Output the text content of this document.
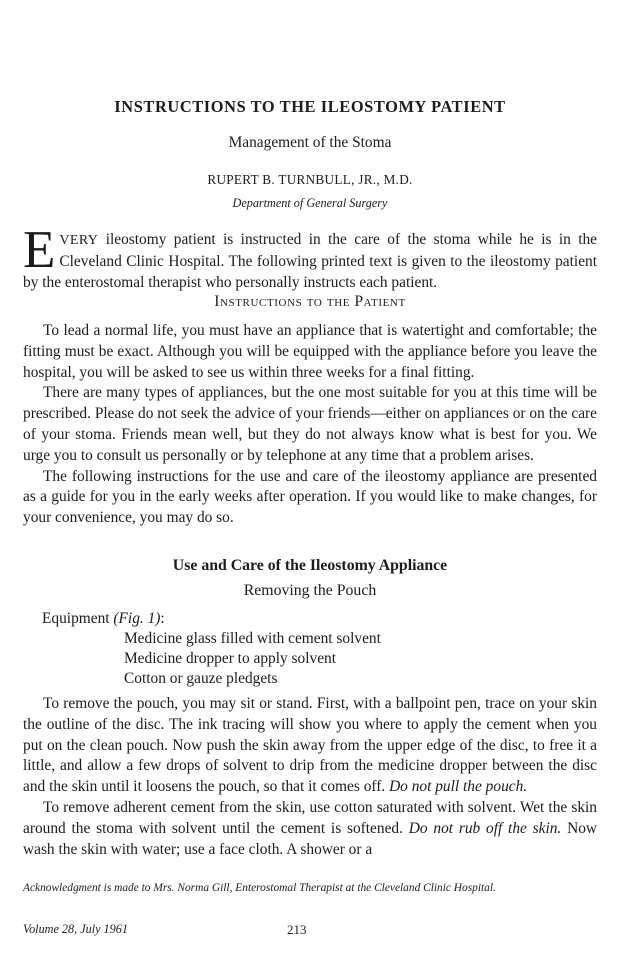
INSTRUCTIONS TO THE ILEOSTOMY PATIENT
Management of the Stoma
RUPERT B. TURNBULL, JR., M.D.
Department of General Surgery
EVERY ileostomy patient is instructed in the care of the stoma while he is in the Cleveland Clinic Hospital. The following printed text is given to the ileostomy patient by the enterostomal therapist who personally instructs each patient.
Instructions to the Patient

To lead a normal life, you must have an appliance that is watertight and comfortable; the fitting must be exact. Although you will be equipped with the appliance before you leave the hospital, you will be asked to see us within three weeks for a final fitting.

There are many types of appliances, but the one most suitable for you at this time will be prescribed. Please do not seek the advice of your friends—either on appliances or on the care of your stoma. Friends mean well, but they do not always know what is best for you. We urge you to consult us personally or by telephone at any time that a problem arises.

The following instructions for the use and care of the ileostomy appliance are presented as a guide for you in the early weeks after operation. If you would like to make changes, for your convenience, you may do so.

Use and Care of the Ileostomy Appliance
Removing the Pouch
Equipment (Fig. 1):
Medicine glass filled with cement solvent
Medicine dropper to apply solvent
Cotton or gauze pledgets

To remove the pouch, you may sit or stand. First, with a ballpoint pen, trace on your skin the outline of the disc. The ink tracing will show you where to apply the cement when you put on the clean pouch. Now push the skin away from the upper edge of the disc, to free it a little, and allow a few drops of solvent to drip from the medicine dropper between the disc and the skin until it loosens the pouch, so that it comes off. Do not pull the pouch.

To remove adherent cement from the skin, use cotton saturated with solvent. Wet the skin around the stoma with solvent until the cement is softened. Do not rub off the skin. Now wash the skin with water; use a face cloth. A shower or a

Acknowledgment is made to Mrs. Norma Gill, Enterostomal Therapist at the Cleveland Clinic Hospital.
Volume 28, July 1961	213
